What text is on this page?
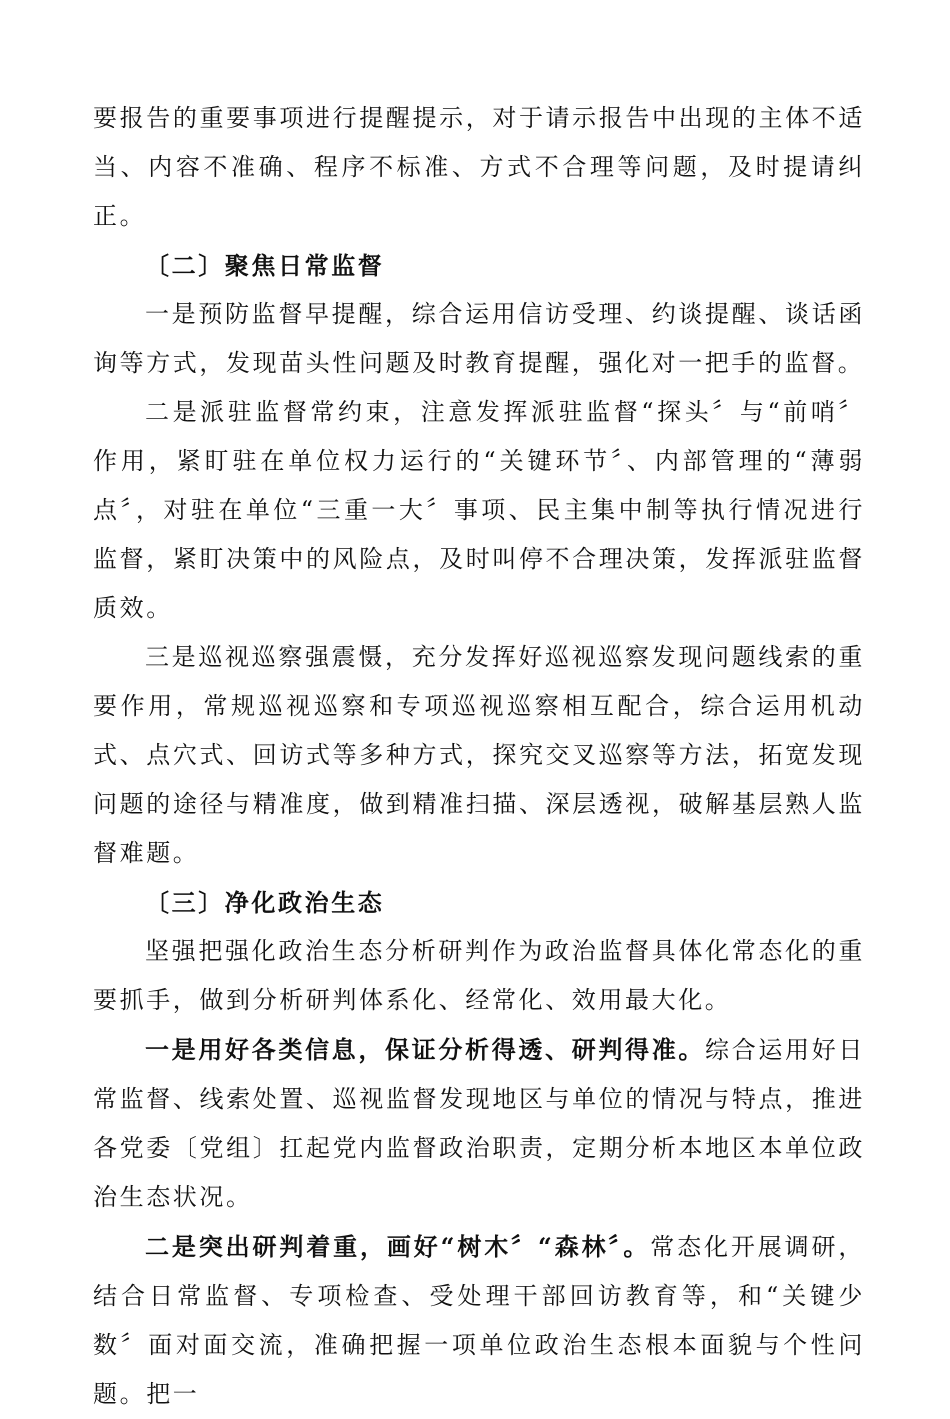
要报告的重要事项进行提醒提示，对于请示报告中出现的主体不适当、内容不准确、程序不标准、方式不合理等问题，及时提请纠正。

〔二〕聚焦日常监督

一是预防监督早提醒，综合运用信访受理、约谈提醒、谈话函询等方式，发现苗头性问题及时教育提醒，强化对一把手的监督。

二是派驻监督常约束，注意发挥派驻监督“探头〞与“前哨〞作用，紧盯驻在单位权力运行的“关键环节〞、内部管理的“薄弱点〞，对驻在单位“三重一大〞事项、民主集中制等执行情况进行监督，紧盯决策中的风险点，及时叫停不合理决策，发挥派驻监督质效。

三是巡视巡察强震慑，充分发挥好巡视巡察发现问题线索的重要作用，常规巡视巡察和专项巡视巡察相互配合，综合运用机动式、点穴式、回访式等多种方式，探究交叉巡察等方法，拓宽发现问题的途径与精准度，做到精准扫描、深层透视，破解基层熟人监督难题。

〔三〕净化政治生态

坚强把强化政治生态分析研判作为政治监督具体化常态化的重要抓手，做到分析研判体系化、经常化、效用最大化。

一是用好各类信息，保证分析得透、研判得准。综合运用好日常监督、线索处置、巡视监督发现地区与单位的情况与特点，推进各党委〔党组〕扛起党内监督政治职责，定期分析本地区本单位政治生态状况。

二是突出研判着重，画好“树木〞“森林〞。常态化开展调研，结合日常监督、专项检查、受处理干部回访教育等，和“关键少数〞面对面交流，准确把握一项单位政治生态根本面貌与个性问题。把一
